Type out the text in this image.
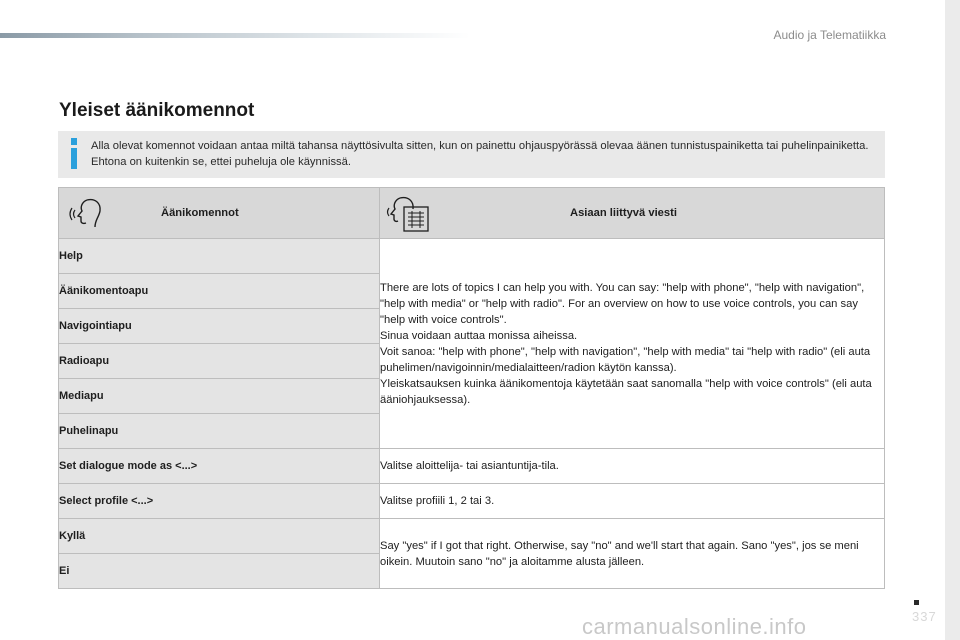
Audio ja Telematiikka
Yleiset äänikomennot
Alla olevat komennot voidaan antaa miltä tahansa näyttösivulta sitten, kun on painettu ohjauspyörässä olevaa äänen tunnistuspainiketta tai puhelinpainiketta. Ehtona on kuitenkin se, ettei puheluja ole käynnissä.
Äänikomennot	Asiaan liittyvä viesti

Help	There are lots of topics I can help you with. You can say: "help with phone", "help with navigation", "help with media" or "help with radio". For an overview on how to use voice controls, you can say "help with voice controls".
Sinua voidaan auttaa monissa aiheissa.
Voit sanoa: "help with phone", "help with navigation", "help with media" tai "help with radio" (eli auta puhelimen/navigoinnin/medialaitteen/radion käytön kanssa).
Yleiskatsauksen kuinka äänikomentoja käytetään saat sanomalla "help with voice controls" (eli auta ääniohjauksessa).

Äänikomentoapu	
Navigointiapu	
Radioapu	
Mediapu	
Puhelinapu	
Set dialogue mode as <...>	Valitse aloittelija- tai asiantuntija-tila.
Select profile <...>	Valitse profiili 1, 2 tai 3.
Kyllä	Say "yes" if I got that right. Otherwise, say "no" and we'll start that again. Sano "yes", jos se meni oikein. Muutoin sano "no" ja aloitamme alusta jälleen.
Ei	
337
carmanualsonline.info
